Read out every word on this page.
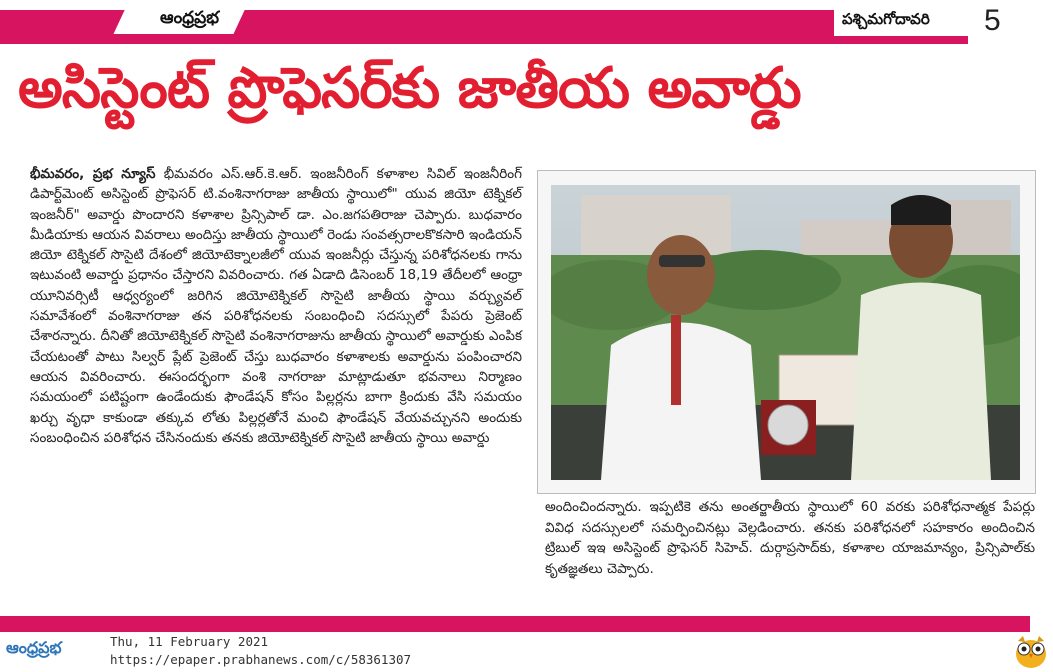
ఆంధ్రప్రభ	పశ్చిమగోదావరి 5
అసిస్టెంట్ ప్రొఫెసర్‌కు జాతీయ అవార్డు
భీమవరం, ప్రభ న్యూస్ భీమవరం ఎస్.ఆర్.కె.ఆర్. ఇంజనీరింగ్ కళాశాల సివిల్ ఇంజనీరింగ్ డిపార్ట్‌మెంట్ అసిస్టెంట్ ప్రొఫెసర్ టి.వంశినాగరాజు జాతీయ స్థాయిలో" యువ జియో టెక్నికల్ ఇంజనీర్" అవార్డు పొందారని కళాశాల ప్రిన్సిపాల్ డా. ఎం.జగపతిరాజు చెప్పారు. బుధవారం మీడియాకు ఆయన వివరాలు అందిస్తు జాతీయ స్థాయిలో రెండు సంవత్సరాలకొకసారి ఇండియన్ జియో టెక్నికల్ సొసైటి దేశంలో జియోటెక్నాలజీలో యువ ఇంజనీర్లు చేస్తున్న పరిశోధనలకు గాను ఇటువంటి అవార్డు ప్రధానం చేస్తారని వివరించారు. గత ఏడాది డిసెంబర్ 18,19 తేదీలలో ఆంధ్రా యూనివర్సిటీ ఆధ్వర్యంలో జరిగిన జియోటెక్నికల్ సొసైటి జాతీయ స్థాయి వర్చ్యువల్ సమావేశంలో వంశినాగరాజు తన పరిశోధనలకు సంబంధించి సదస్సులో పేపరు ప్రెజెంట్ చేశారన్నారు. దీనితో జియోటెక్నికల్ సొసైటి వంశినాగరాజును జాతీయ స్థాయిలో అవార్డుకు ఎంపిక చేయటంతో పాటు సిల్వర్ ప్లేట్ ప్రెజెంట్ చేస్తు బుధవారం కళాశాలకు అవార్డును పంపించారని ఆయన వివరించారు. ఈసందర్భంగా వంశి నాగరాజు మాట్లాడుతూ భవనాలు నిర్మాణం సమయంలో పటిష్టంగా ఉండేందుకు ఫౌండేషన్ కోసం పిల్లర్లను బాగా క్రిందుకు వేసి సమయం ఖర్చు వృధా కాకుండా తక్కువ లోతు పిల్లర్లతోనే మంచి ఫౌండేషన్ వేయవచ్చునని అందుకు సంబంధించిన పరిశోధన చేసినందుకు తనకు జియోటెక్నికల్ సొసైటి జాతీయ స్థాయి అవార్డు
అందించిందన్నారు. ఇప్పటికె తను అంతర్జాతీయ స్థాయిలో 60 వరకు పరిశోధనాత్మక పేపర్లు వివిధ సదస్సులలో సమర్పించినట్లు వెల్లడించారు. తనకు పరిశోధనలో సహకారం అందించిన ట్రిబుల్ ఇఇ అసిస్టెంట్ ప్రొఫెసర్ సిహెచ్. దుర్గాప్రసాద్‌కు, కళాశాల యాజమాన్యం, ప్రిన్సిపాల్‌కు కృతజ్ఞతలు చెప్పారు.
ఆంధ్రప్రభ	Thu, 11 February 2021
https://epaper.prabhanews.com/c/58361307
